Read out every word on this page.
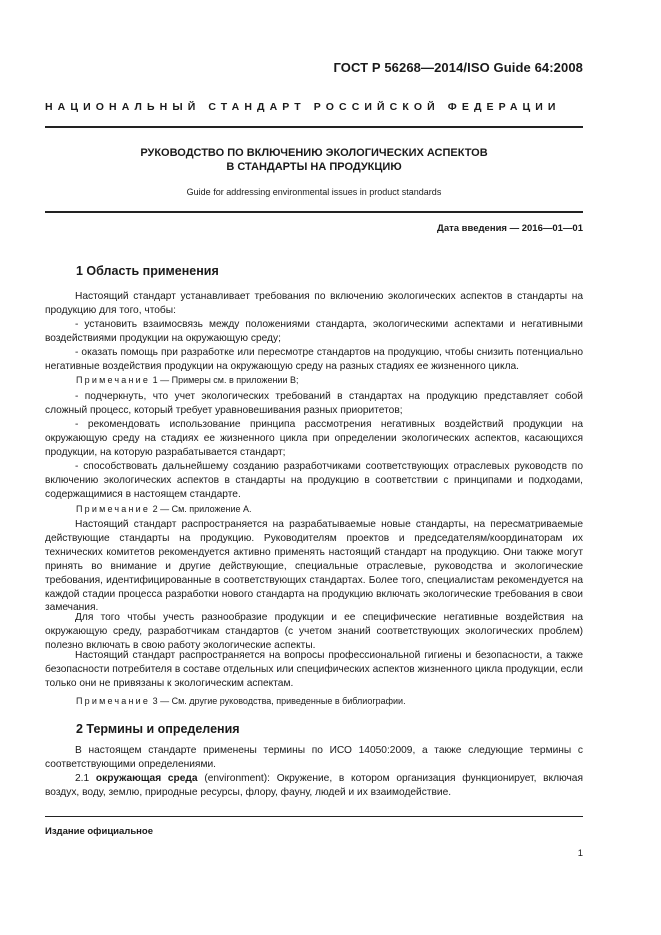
ГОСТ Р 56268—2014/ISO Guide 64:2008
НАЦИОНАЛЬНЫЙ СТАНДАРТ РОССИЙСКОЙ ФЕДЕРАЦИИ
РУКОВОДСТВО ПО ВКЛЮЧЕНИЮ ЭКОЛОГИЧЕСКИХ АСПЕКТОВ
В СТАНДАРТЫ НА ПРОДУКЦИЮ
Guide for addressing environmental issues in product standards
Дата введения — 2016—01—01
1 Область применения

Настоящий стандарт устанавливает требования по включению экологических аспектов в стандарты на продукцию для того, чтобы:

- установить взаимосвязь между положениями стандарта, экологическими аспектами и негативными воздействиями продукции на окружающую среду;

- оказать помощь при разработке или пересмотре стандартов на продукцию, чтобы снизить потенциально негативные воздействия продукции на окружающую среду на разных стадиях ее жизненного цикла.

Примечание 1 — Примеры см. в приложении В;

- подчеркнуть, что учет экологических требований в стандартах на продукцию представляет собой сложный процесс, который требует уравновешивания разных приоритетов;

- рекомендовать использование принципа рассмотрения негативных воздействий продукции на окружающую среду на стадиях ее жизненного цикла при определении экологических аспектов, касающихся продукции, на которую разрабатывается стандарт;

- способствовать дальнейшему созданию разработчиками соответствующих отраслевых руководств по включению экологических аспектов в стандарты на продукцию в соответствии с принципами и подходами, содержащимися в настоящем стандарте.

Примечание 2 — См. приложение А.

Настоящий стандарт распространяется на разрабатываемые новые стандарты, на пересматриваемые действующие стандарты на продукцию. Руководителям проектов и председателям/координаторам их технических комитетов рекомендуется активно применять настоящий стандарт на продукцию. Они также могут принять во внимание и другие действующие, специальные отраслевые, руководства и экологические требования, идентифицированные в соответствующих стандартах. Более того, специалистам рекомендуется на каждой стадии процесса разработки нового стандарта на продукцию включать экологические требования в свои замечания.

Для того чтобы учесть разнообразие продукции и ее специфические негативные воздействия на окружающую среду, разработчикам стандартов (с учетом знаний соответствующих экологических проблем) полезно включать в свою работу экологические аспекты.

Настоящий стандарт распространяется на вопросы профессиональной гигиены и безопасности, а также безопасности потребителя в составе отдельных или специфических аспектов жизненного цикла продукции, если только они не привязаны к экологическим аспектам.

Примечание 3 — См. другие руководства, приведенные в библиографии.
2 Термины и определения

В настоящем стандарте применены термины по ИСО 14050:2009, а также следующие термины с соответствующими определениями.

2.1 окружающая среда (environment): Окружение, в котором организация функционирует, включая воздух, воду, землю, природные ресурсы, флору, фауну, людей и их взаимодействие.

Издание официальное
1
